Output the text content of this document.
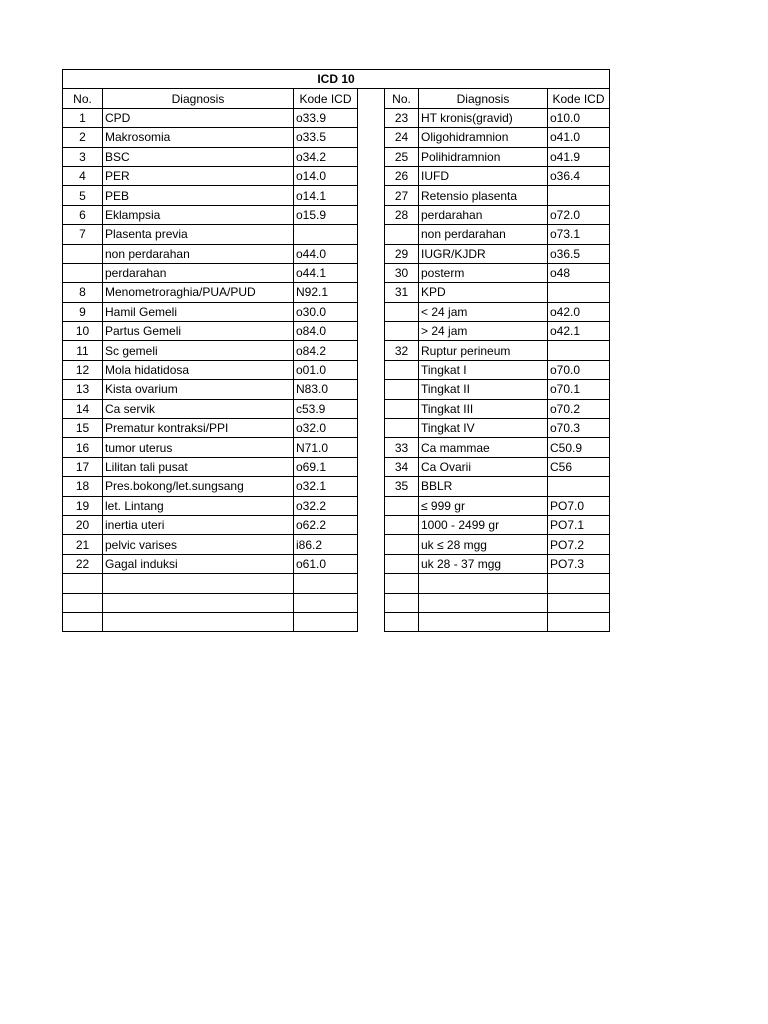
ICD 10						
No.	Diagnosis	Kode ICD		No.	Diagnosis	Kode ICD
1	CPD	o33.9		23	HT kronis(gravid)	o10.0
2	Makrosomia	o33.5		24	Oligohidramnion	o41.0
3	BSC	o34.2		25	Polihidramnion	o41.9
4	PER	o14.0		26	IUFD	o36.4
5	PEB	o14.1		27	Retensio plasenta	
6	Eklampsia	o15.9		28	perdarahan	o72.0
7	Plasenta previa				non perdarahan	o73.1
	non perdarahan	o44.0		29	IUGR/KJDR	o36.5
	perdarahan	o44.1		30	posterm	o48
8	Menometroraghia/PUA/PUD	N92.1		31	KPD	
9	Hamil Gemeli	o30.0			< 24 jam	o42.0
10	Partus Gemeli	o84.0			> 24 jam	o42.1
11	Sc gemeli	o84.2		32	Ruptur perineum	
12	Mola hidatidosa	o01.0			Tingkat I	o70.0
13	Kista ovarium	N83.0			Tingkat II	o70.1
14	Ca servik	c53.9			Tingkat III	o70.2
15	Prematur kontraksi/PPI	o32.0			Tingkat IV	o70.3
16	tumor uterus	N71.0		33	Ca mammae	C50.9
17	Lilitan tali pusat	o69.1		34	Ca Ovarii	C56
18	Pres.bokong/let.sungsang	o32.1		35	BBLR	
19	let. Lintang	o32.2			≤ 999 gr	PO7.0
20	inertia uteri	o62.2			1000 - 2499 gr	PO7.1
21	pelvic varises	i86.2			uk ≤ 28 mgg	PO7.2
22	Gagal induksi	o61.0			uk 28 - 37 mgg	PO7.3
